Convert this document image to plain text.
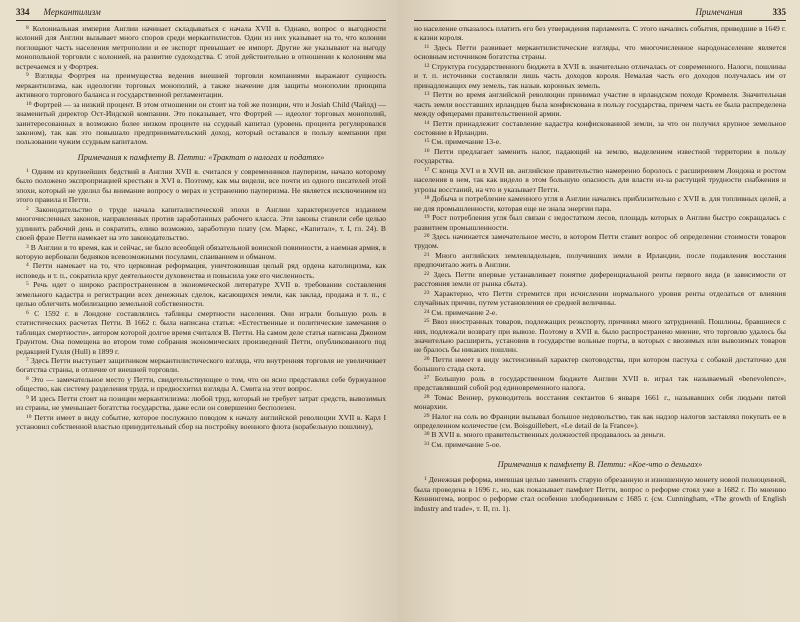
334 Меркантилизм

$^8$ Колониальная империя Англии начинает складываться с начала XVII в. Однако, вопрос о выгодности колоний для Англии вызывает много споров среди меркантилистов. Один из них указывает на то, что колонии поглощают часть населения метрополии и ее экспорт превышает ее импорт. Другие же указывают на выгоду монопольной торговли с колонией, на развитие судоходства. С этой действительно в отношении к колониям мы встречаемся и у Фортрея.

$^9$ Взгляды Фортрея на преимущества ведения внешней торговли компаниями выражают сущность меркантилизма, как идеологии торговых монополий, а также значение для защиты монополии принципа активного торгового баланса и государственной регламентации.

$^{10}$ Фортрей — за низкий процент. В этом отношении он стоит на той же позиции, что и Josiah Child (Чайлд) — знаменитый директор Ост-Индской компании. Это показывает, что Фортрей — идеолог торговых монополий, заинтересованных в возможно более низком проценте на ссудный капитал (уровень процента регулировался законом), так как это повышало предпринимательский доход, который оставался в пользу компании при пользовании чужим ссудным капиталом.

Примечания к памфлету В. Петти: «Трактат о налогах и податях»

$^1$ Одним из крупнейших бедствий в Англии XVII в. считался у современников пауперизм, начало которому было положено экспроприацией крестьян в XVI в. Поэтому, как мы видели, все почти из одного писателей этой эпохи, который не уделил бы внимание вопросу о мерах и устранению пауперизма. Не является исключением из этого правила и Петти.

$^2$ Законодательство о труде начала капиталистической эпохи в Англии характеризуется изданием многочисленных законов, направленных против заработанных рабочего класса. Эти законы ставили себе целью удлинить рабочий день и сократить, елико возможно, заработную плату (см. Маркс, «Капитал», т. I, гл. 24). В своей фразе Петти намекает на это законодательство.

$^3$ В Англии в то время, как и сейчас, не было всеобщей обязательной воинской повинности, а наемная армия, в которую вербовали бедняков всевозможными посулами, спаиванием и обманом.

$^4$ Петти намекает на то, что церковная реформация, уничтожившая целый ряд ордена католицизма, как исповедь и т. п., сократила круг деятельности духовенства и повысила уже его численность.

$^5$ Речь идет о широко распространенном в экономической литературе XVII в. требовании составления земельного кадастра и регистрации всех денежных сделок, касающихся земли, как заклад, продажа и т. п., с целью облегчить мобилизацию земельной собственности.

$^6$ С 1592 г. в Лондоне составлялись таблицы смертности населения. Они играли большую роль в статистических расчетах Петти. В 1662 г. была написана статья: «Естественные и политические замечания о таблицах смертности», автором которой долгое время считался В. Петти. На самом деле статья написана Джоном Граунтом. Она помещена во втором томе собрания экономических произведений Петти, опубликованного под редакцией Гулля (Hull) в 1899 г.

$^7$ Здесь Петти выступает защитником меркантилистического взгляда, что внутренняя торговля не увеличивает богатства страны, в отличие от внешней торговли.

$^8$ Это — замечательное место у Петти, свидетельствующее о том, что он ясно представлял себе буржуазное общество, как систему разделения труда, и предвосхитил взгляды А. Смита на этот вопрос.

$^9$ И здесь Петти стоит на позиции меркантилизма: любой труд, который не требует затрат средств, вывозимых из страны, не уменьшает богатства государства, даже если он совершенно бесполезен.

$^{10}$ Петти имеет в виду событие, которое послужило поводом к началу английской революции XVII в. Карл I установил собственной властью принудительный сбор на постройку военного флота (корабельную пошлину),

Примечания	335

но население отказалось платить его без утверждения парламента. С этого начались события, приведшие в 1649 г. к казни короля.

$^{11}$ Здесь Петти развивает меркантилистические взгляды, что многочисленное народонаселение является основным источником богатства страны.

$^{12}$ Структура государственного бюджета в XVII в. значительно отличалась от современного. Налоги, пошлины и т. п. источники составляли лишь часть доходов короля. Немалая часть его доходов получалась им от принадлежащих ему земель, так назыв. коронных земель.

$^{13}$ Петти во время английской революции принимал участие в ирландском походе Кромвеля. Значительная часть земли восставших ирландцев была конфискована в пользу государства, причем часть ее была распределена между офицерами правительственной армии.

$^{14}$ Петти принадлежит составление кадастра конфискованной земли, за что он получил крупное земельное состояние в Ирландии.

$^{15}$ См. примечание 13-е.

$^{16}$ Петти предлагает заменить налог, падающий на землю, выделением известной территории в пользу государства.

$^{17}$ С конца XVI и в XVII вв. английское правительство намеренно боролось с расширением Лондона и ростом населения в нем, так как видело в этом большую опасность для власти из-за растущей трудности снабжения и угрозы восстаний, на что и указывает Петти.

$^{18}$ Добыча и потребление каменного угля в Англии начались приблизительно с XVII в. для топливных целей, а не для промышленности, которая еще не знала энергии пара.

$^{19}$ Рост потребления угля был связан с недостатком лесов, площадь которых в Англии быстро сокращалась с развитием промышленности.

$^{20}$ Здесь начинается замечательное место, в котором Петти ставит вопрос об определении стоимости товаров трудом.

$^{21}$ Много английских землевладельцев, получивших земли в Ирландии, после подавления восстания предпочитало жить в Англии.

$^{22}$ Здесь Петти впервые устанавливает понятие диференциальной ренты первого вида (в зависимости от расстояния земли от рынка сбыта).

$^{23}$ Характерно, что Петти стремится при исчислении нормального уровня ренты отделаться от влияния случайных причин, путем установления ее средней величины.

$^{24}$ См. примечание 2-е.

$^{25}$ Ввоз иностранных товаров, подлежащих реэкспорту, причинял много затруднений. Пошлины, бравшиеся с них, подлежали возврату при вывозе. Поэтому в XVII в. было распространено мнение, что торговлю удалось бы значительно расширить, установив в государстве вольные порты, в которых с ввозимых или вывозимых товаров не бралось бы никаких пошлин.

$^{26}$ Петти имеет в виду экстенсивный характер скотоводства, при котором пастуха с собакой достаточно для большого стада скота.

$^{27}$ Большую роль в государственном бюджете Англии XVII в. играл так называемый «benevolence», представлявший собой род единовременного налога.

$^{28}$ Томас Веннер, руководитель восстания сектантов 6 января 1661 г., называвших себя людьми пятой монархии.

$^{29}$ Налог на соль во Франции вызывал большое недовольство, так как надзор налогов заставлял покупать ее в определенном количестве (см. Boisguillebert, «Le detail de la France»).

$^{30}$ В XVII в. много правительственных должностей продавалось за деньги.

$^{31}$ См. примечание 5-ое.

Примечания к памфлету В. Петти: «Кое-что о деньгах»

$^1$ Денежная реформа, имевшая целью заменить старую обрезанную и изношенную монету новой полноценной, была проведена в 1696 г., но, как показывает памфлет Петти, вопрос о реформе стоял уже в 1682 г. По мнению Кеннингема, вопрос о реформе стал особенно злободневным с 1685 г. (см. Cunningham, «The growth of English industry and trade», т. II, гл. 1).
